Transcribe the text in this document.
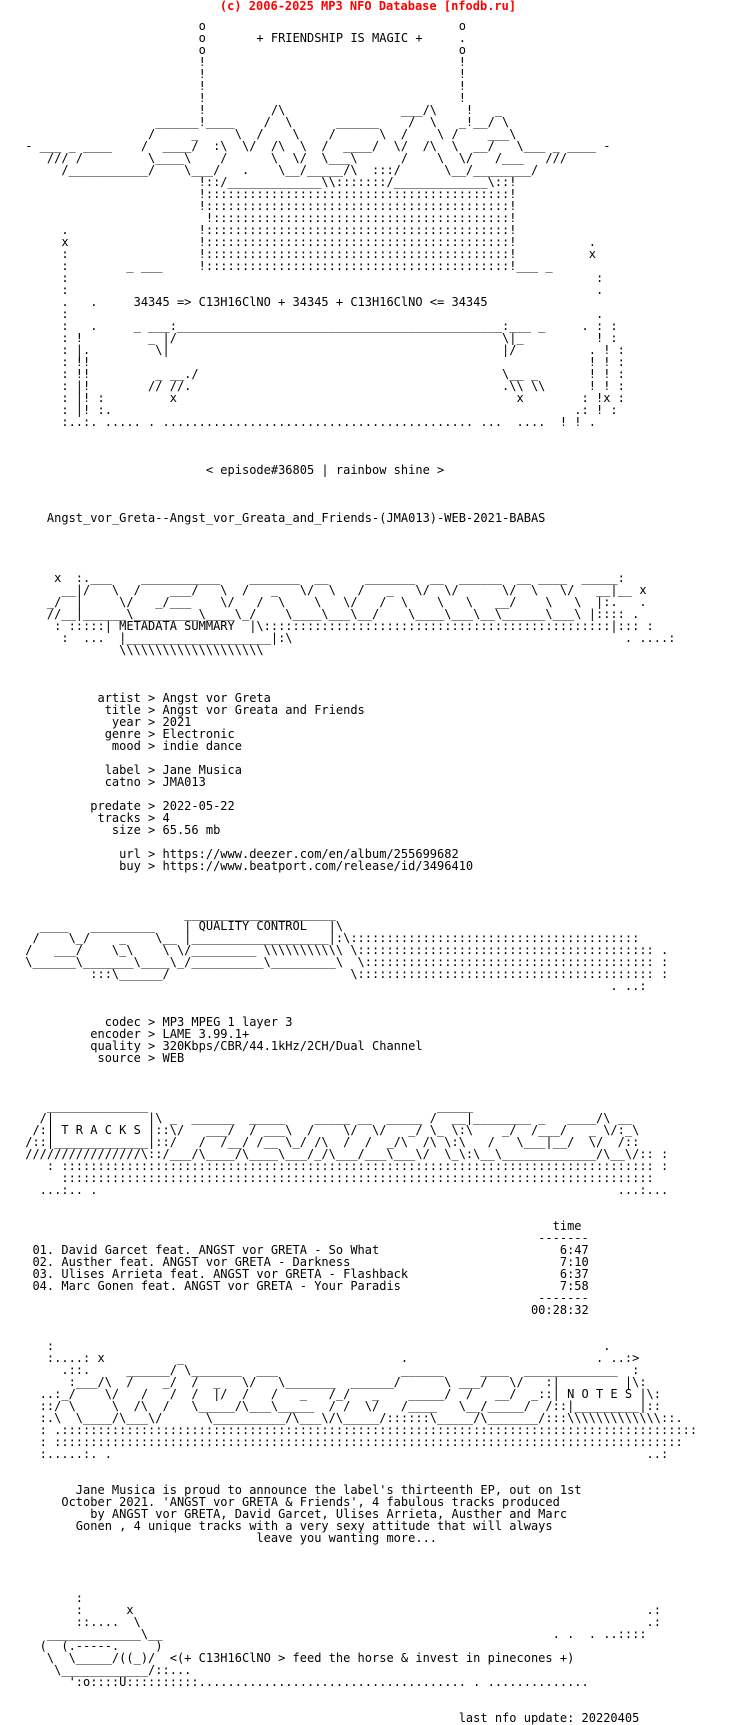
(c) 2006-2025 MP3 NFO Database [nfodb.ru]
o                                   o
o       + FRIENDSHIP IS MAGIC +     .
o                                   o
!                                   !
!                                   !
!                                   !
!                                   !
!         /\                ___/\    !   _
______!____    /  \      ______    /  \   _!__/ \
/     _     \  /    \    /      \  /    \ /    ___\
- ___ _ ____    /  ____/  :\  \/  /\  \  /  ____/  \/  /\  \  __/   \___ _ ____ -
/// /         \____\    /      \  \/  \___\      /    \  \/   /___   ///
/___________/    \___/   .    \__/_____/\  :::/      \__/________/
!::/_____________\\:::::::/_____________\::!
!::::::::::::::::::::::::::::::::::::::::::!
!::::::::::::::::::::::::::::::::::::::::::!
!:::::::::::::::::::::::::::::::::::::::::!
.                  !::::::::::::::::::::::::::::::::::::::::::!
x                  !::::::::::::::::::::::::::::::::::::::::::!          .
:                  !::::::::::::::::::::::::::::::::::::::::::!          x
:        _ ___     !::::::::::::::::::::::::::::::::::::::::::!___ _
:                                                                         :
:                                                                         .
.   .     34345 => C13H16ClNO + 34345 + C13H16ClNO <= 34345
:                                                                         .
:   .     _ ___:_____________________________________________:___ _     . : :
: !         _ |/                                             \|_          ! :
: |.         \|                                              |/          . ! :
: !!                                                                     ! ! :
: !!         _ __./                                          \__ _       ! ! :
: |!        // //.                                           .\\ \\      ! ! :
: |! :         x                                               x        : !x :
: |! :.                                                                .: ! :
:..:. ..... . ........................................... ...  ....  ! ! .
< episode#36805 | rainbow shine >
Angst_vor_Greta--Angst_vor_Greata_and_Friends-(JMA013)-WEB-2021-BABAS
x  :.___    ___________    _______  __     _______  __  ______  __ ____  _____:
__|/   \  /    ___/   \  /   _   \/  \   /   _   \/  \/      \/  \   \/   __|__ x
_/  |     \/   _/___    \/   /  \    \   \/   /  \    \   \   __/    \   \  |:.   .
//__|______\_________\____\_/    \____\___\__/    \____\___\__\______\___\ |:::: .
: :::::| METADATA SUMMARY  |\::::::::::::::::::::::::::::::::::::::::::::::::|::: :
:  ...  |____________________|:\                                              . ....:
\\\\\\\\\\\\\\\\\\\\
artist > Angst vor Greta
title > Angst vor Greata and Friends
year > 2021
genre > Electronic
mood > indie dance
label > Jane Musica
catno > JMA013
predate > 2022-05-22
tracks > 4
size > 65.56 mb
url > https://www.deezer.com/en/album/255699682
buy > https://www.beatport.com/release/id/3496410
_____________________
____   _________    | QUALITY CONTROL   |\
/    \_/    _    \__ |___________________|:\::::::::::::::::::::::::::::::::::::::::
/   ___/    \_\    \ \/_________ \\\\\\\\\\\ \::::::::::::::::::::::::::::::::::::::::: .
\______\_______\____\_/__________\_________\  \:::::::::::::::::::::::::::::::::::::::: :
:::\______/                         \::::::::::::::::::::::::::::::::::::::::: :
. ..:
codec > MP3 MPEG 1 layer 3
encoder > LAME 3.99.1+
quality > 320Kbps/CBR/44.1kHz/2CH/Dual Channel
source > WEB
______________                                        _____
/|             |\ _  ______  _____    _____ __  _____ /  __|________ _   ____/\ __
/:| T R A C K S |::\/   ___/  / ___\  /    \/  \/   _/ \_ \:\    _/  /___/   _ \/:_\
/::|_____________|::/   /  /__/ /__ \_/ /\  /  /  _/\  /\ \:\   /   \___|__/  \/  /::
////////////////\::/___/\____/\____\___/_/\___/___\___\/  \_\:\__\_____________/\__\/:: :
: :::::::::::::::::::::::::::::::::::::::::::::::::::::::::::::::::::::::::::::::::: :
::::::::::::::::::::::::::::::::::::::::::::::::::::::::::::::::::::::::::::::::::
...:.. .                                                                        ...:...
time
-------
01. David Garcet feat. ANGST vor GRETA - So What                         6:47
02. Austher feat. ANGST vor GRETA - Darkness                             7:10
03. Ulises Arrieta feat. ANGST vor GRETA - Flashback                     6:37
04. Marc Gonen feat. ANGST vor GRETA - Your Paradis                      7:58
-------
00:28:32
:                                                                            .
:....: x          _                              .                          . ..:>
.::.     ______/ \_______  ___                 ______     ____  _____________  :
:___/\  /    _/  /  _   \/   \_______  ______/      \ ___/   \/   :|         |\:
..:_/    \/   /   /  /  |/  /   /   _   /_/   _    _____/  /   __/  _::| N O T E S |\:
::/ \     \  /\  /   \_____/\___\_____  / /  \/   /____   \__/_____/  /::|_________|::
:.\  \____/\___\/      \__________/\___\/\_____/::::::\_____/\_______/:::\\\\\\\\\\\\\::.
: .::::::::::::::::::::::::::::::::::::::::::::::::::::::::::::::::::::::::::::::::::::::::
: :::::::::::::::::::::::::::::::::::::::::::::::::::::::::::::::::::::::::::::::::::::::
:.....:. .                                                                          ..:
Jane Musica is proud to announce the label's thirteenth EP, out on 1st
October 2021. 'ANGST vor GRETA & Friends', 4 fabulous tracks produced
by ANGST vor GRETA, David Garcet, Ulises Arrieta, Austher and Marc
Gonen , 4 unique tracks with a very sexy attitude that will always
leave you wanting more...
:
:      x                                                                       .:
::....  \                                                                      .:
_____________\__                                                      . .  . ..::::
(  (.-----.     )
\  \_____/((_)/  <(+ C13H16ClNO > feed the horse & invest in pinecones +)
\____________/::...
':o::::U::::::::::..................................... . ..............
last nfo update: 20220405
